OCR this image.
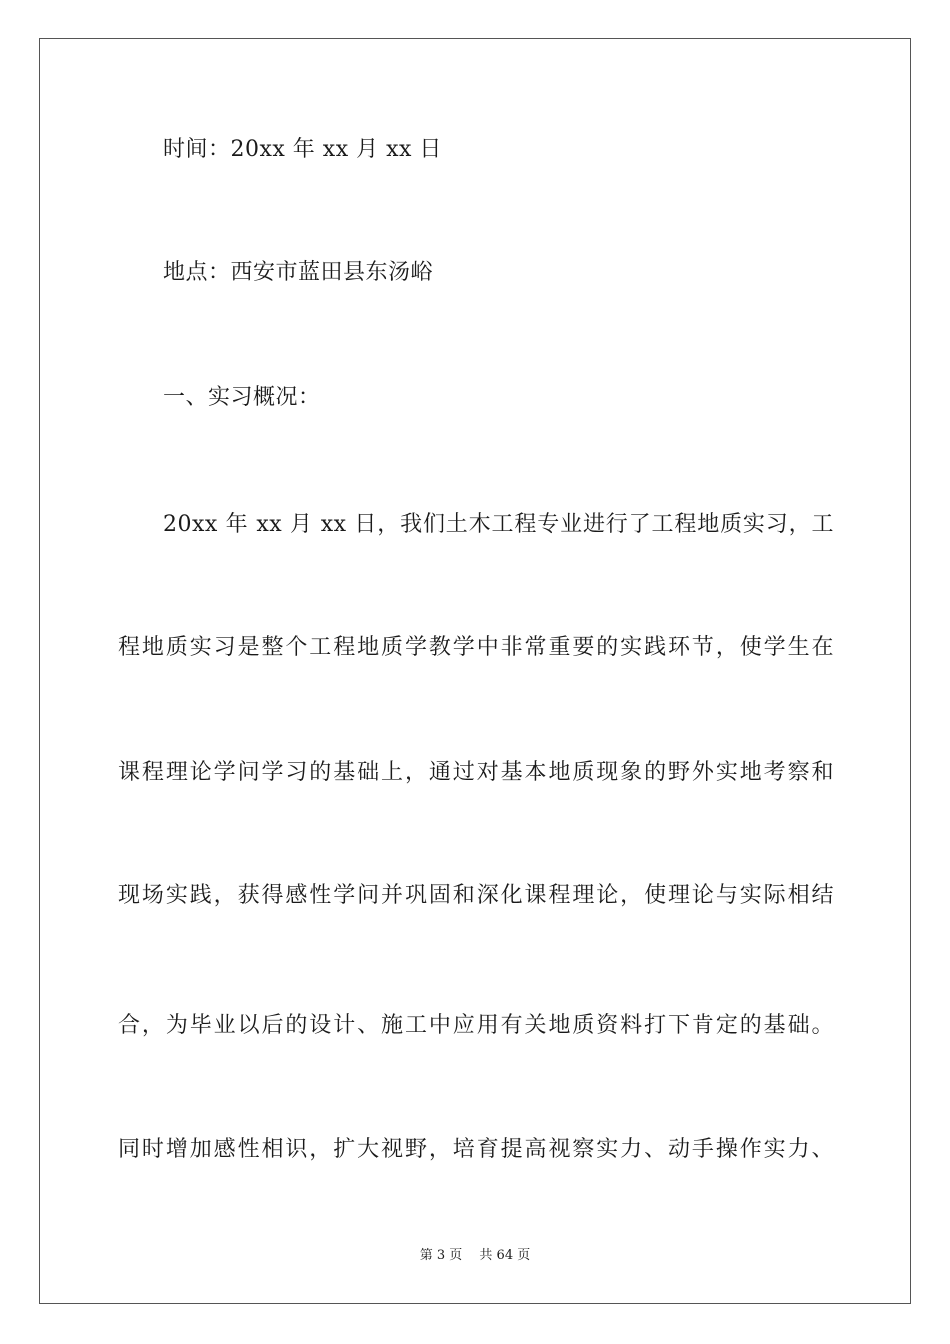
时间：20xx 年 xx 月 xx 日
地点：西安市蓝田县东汤峪
一、实习概况：
20xx 年 xx 月 xx 日，我们土木工程专业进行了工程地质实习，工
程地质实习是整个工程地质学教学中非常重要的实践环节，使学生在
课程理论学问学习的基础上，通过对基本地质现象的野外实地考察和
现场实践，获得感性学问并巩固和深化课程理论，使理论与实际相结
合，为毕业以后的设计、施工中应用有关地质资料打下肯定的基础。
同时增加感性相识，扩大视野，培育提高视察实力、动手操作实力、
第 3 页　 共 64 页
